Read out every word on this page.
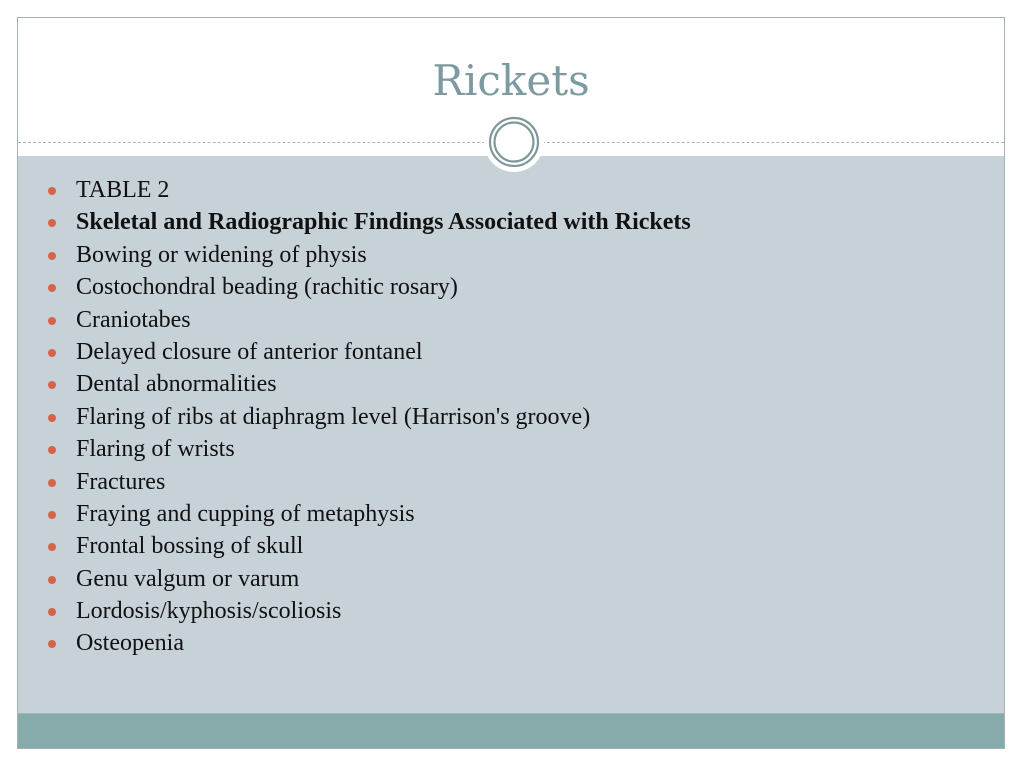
Rickets
TABLE 2
Skeletal and Radiographic Findings Associated with Rickets
Bowing or widening of physis
Costochondral beading (rachitic rosary)
Craniotabes
Delayed closure of anterior fontanel
Dental abnormalities
Flaring of ribs at diaphragm level (Harrison's groove)
Flaring of wrists
Fractures
Fraying and cupping of metaphysis
Frontal bossing of skull
Genu valgum or varum
Lordosis/kyphosis/scoliosis
Osteopenia
